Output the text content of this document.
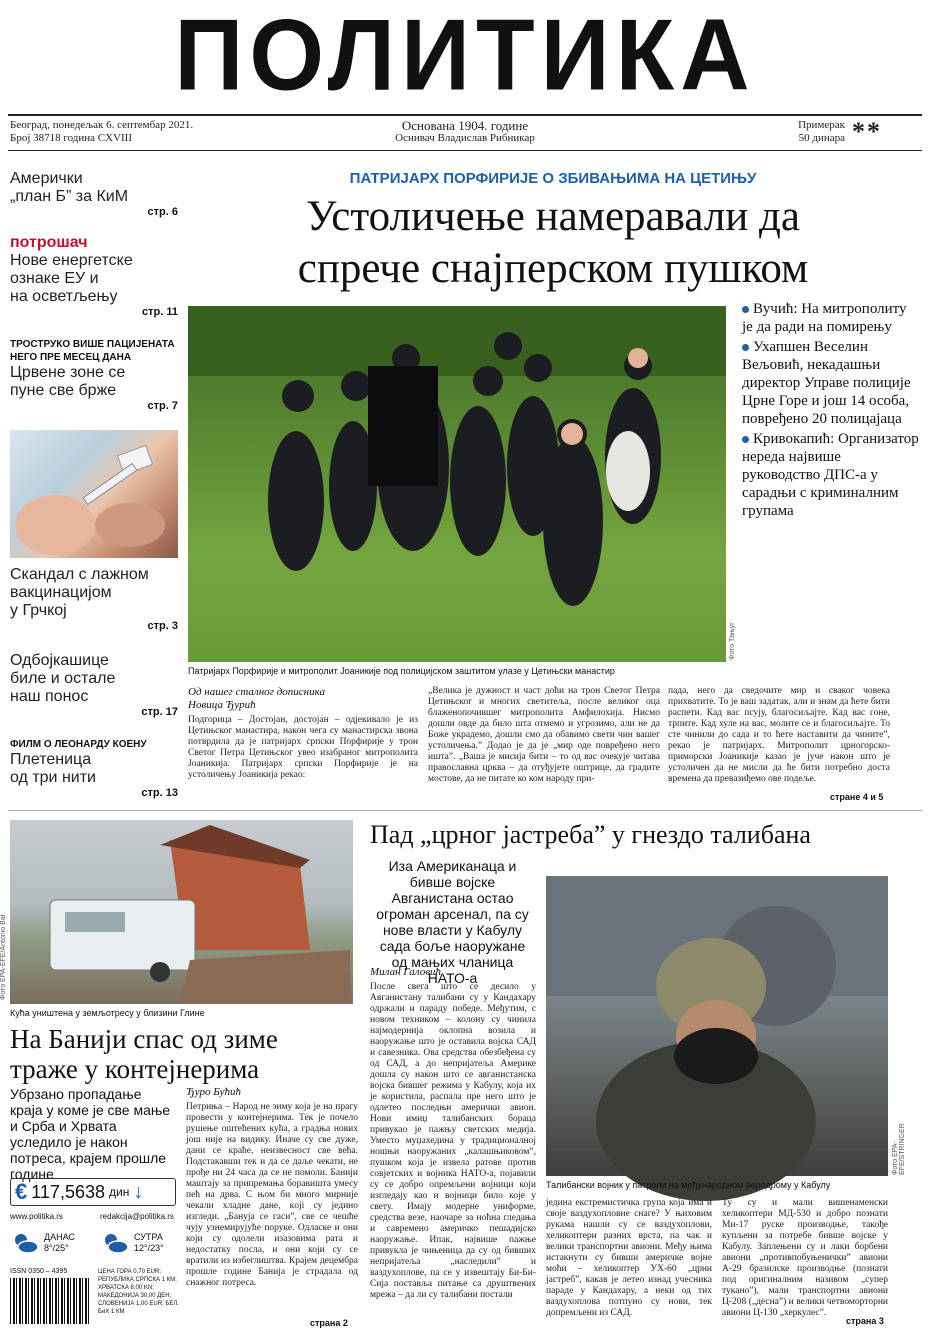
ПОЛИТИКА
Београд, понедељак 6. септембар 2021.
Број 38718 година CXVIII
Основана 1904. године
Оснивач Владислав Рибникар
Примерак
50 динара **
Амерички
„план Б” за КиМ
стр. 6
потрошач
Нове енергетске
ознаке ЕУ и
на осветљењу
стр. 11
ТРОСТРУКО ВИШЕ ПАЦИЈЕНАТА
НЕГО ПРЕ МЕСЕЦ ДАНА
Црвене зоне се
пуне све брже
стр. 7
Скандал с лажном
вакцинацијом
у Грчкој
стр. 3
Одбојкашице
биле и остале
наш понос
стр. 17
ФИЛМ О ЛЕОНАРДУ КОЕНУ
Плетеница
од три нити
стр. 13
ПАТРИЈАРХ ПОРФИРИЈЕ О ЗБИВАЊИМА НА ЦЕТИЊУ
Устоличење намеравали да
спрече снајперском пушком
Фото Тањуг
Патријарх Порфирије и митрополит Јоаникије под полицијском заштитом улазе у Цетињски манастир
Вучић: На митрополиту је да ради на помирењу
Ухапшен Веселин Вељовић, некадашњи директор Управе полиције Црне Горе и још 14 особа, повређено 20 полицајаца
Кривокапић: Организатор нереда највише руководство ДПС-а у сарадњи с криминалним групама
Од нашег сталног дописника
Новица Ђурић
Подгорица – Достојан, достојан – одјекивало је из Цетињског манастира, након чега су манастирска звона потврдила да је патријарх српски Порфирије у трон Светог Петра Цетињског увео изабраног митрополита Јоаникија. Патријарх српски Порфирије је на устоличењу Јоаникија рекао:
„Велика је дужност и част доћи на трон Светог Петра Цетињског и многих светитеља, после великог оца блаженопочившег митрополита Амфилохија. Нисмо дошли овде да било шта отмемо и угрозимо, али не да Боже украдемо, дошли смо да обавимо свети чин вашег устоличења.” Додао је да је „мир оде повређено него ишта”. „Ваша је мисија бити – то од вас очекује читава православна црква – да отуђујете оштрице, да градите мостове, да не питате ко ком народу при-
пада, него да сведочите мир и сваког човека прихватите. То је ваш задатак, али и знам да ћете бити распети. Кад вас псују, благосиљајте. Кад вас гоне, трпите. Кад хуле на вас, молите се и благосиљајте. То сте чинили до сада и то ћете наставити да чините”, рекао је патријарх. Митрополит црногорско-приморски Јоаникије казао је јуче након што је устоличен да не мисли да ће бити потребно доста времена да превазиђемо ове подеље.
стране 4 и 5
Фото EPA-EFE/Antonio Bat
Кућа уништена у земљотресу у близини Глине
На Банији спас од зиме
траже у контејнерима
Убрзано пропадање краја у коме је све мање и Срба и Хрвата уследило је након потреса, крајем прошле године
Ђуро Бућић
Петриња – Народ не зиму која је на прагу провести у контејнерима. Тек је почело рушење оштећених кућа, а градња нових још није на видику. Иначе су све дуже, дани се краће, неизвесност све већа. Подстакавши тек и да се даље чекати, не прође ни 24 часа да се не помоли. Банији маштају за припремања боравишта умесу пећ на дрва. С њом би много мирније чекали хладне дане, кoji су једино изгледи. „Бануја се гаси”, све се чешће чују узнемирујуће поруке. Одласке и они који су одолели изазовима рата и недостатку посла, и они који су се вратили из избеглиштва. Крајем децембра прошле године Банија је страдала од снажног потреса.
страна 2
€ 117,5638 дин ↓
www.politika.rs	redakcija@politika.rs
ДАНАС
8°/25°
СУТРА
12°/23°
ISSN 0350 – 4395	ЦЕНА ГОРА 0,70 EUR; РЕПУБЛИКА СРПСКА 1 КМ; ХРВАТСКА 8,00 KN; МАКЕДОНИЈА 30,00 ДЕН; СЛОВЕНИЈА 1,00 EUR; БЕЛ. БиХ 1 КМ
Пад „црног јастреба” у гнездо талибана
Иза Американаца и бивше војске Авганистана остао огроман арсенал, па су нове власти у Кабулу сада боље наоружане од мањих чланица НАТО-а
Милан Галовић
После свега што се десило у Авганистану талибани су у Кандахару одржали и параду победе. Међутим, с новом техником – колону су чинила најмодернија оклопна возила и наоружање што је оставила војска САД и савезника. Ова средства обезбеђена су од САД, а до непријатеља Америке дошла су након што се авганистанска војска бившег режима у Кабулу, која их је користила, распала пре него што је одлетео последњи амерички авион. Нови имиџ талибанских бораца привукао је пажњу светских медија. Уместо муџахедина у традиционалној ношњи наоружаних „калашњиковом”, пушком која је извела ратове против совјетских и војника НАТО-а, појавили су се добро опремљени војници који изгледају као и војници било које у свету. Имају модерне униформе, средства везе, наочаре за ноћна гледања и савремено америчко пешадијско наоружање. Ипак, највише пажње привукла је чињеница да су од бивших непријатеља „наследили” и ваздухоплове, па се у извештају Би-Би-Сија поставља питање са друштвених мрежа – да ли су талибани постали
Фото EPA-EFE/STRINGER
Талибански војник у патроли на међународном аеродрому у Кабулу
једина екстремистичка група која има и своје ваздухопловне снаге? У њиховим рукама нашли су се ваздухоплови, хеликоптери разних врста, па чак и велики транспортни авиони. Међу њима истакнути су бивши америчке војне моћи – хеликоптер УХ-60 „црни јастреб”, какав је летео изнад учесника параде у Кандахару, а неки од тих ваздухоплова потпуно су нови, тек допремљени из САД.
Ту су и мали вишенаменски хеликоптери МД-530 и добро познати Ми-17 руске производње, такође купљени за потребе бивше војске у Кабулу. Заплењени су и лаки борбени авиони „противпобуњенички” авиони А-29 бразилске производње (познати под оригиналним називом „супер тукано”), мали транспортни авиони Ц-208 („десна”) и велики четвоморторни авиони Ц-130 „херкулес”.
страна 3
